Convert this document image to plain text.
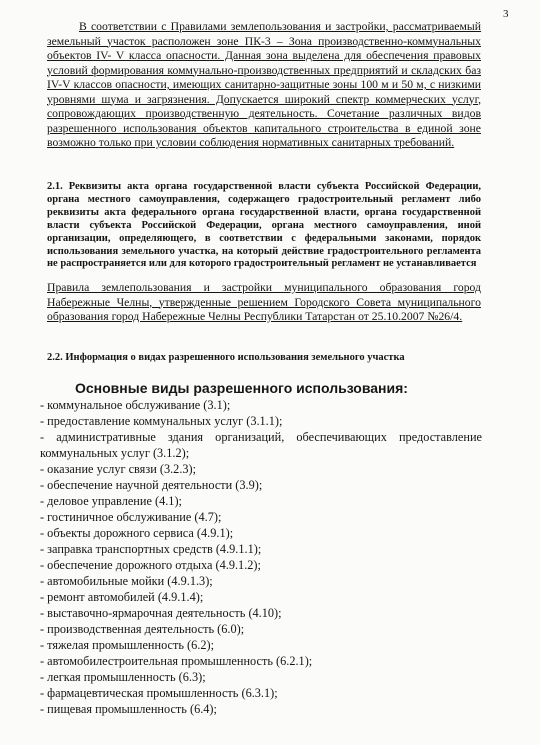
3
В соответствии с Правилами землепользования и застройки, рассматриваемый земельный участок расположен зоне ПК-3 – Зона производственно-коммунальных объектов IV- V класса опасности. Данная зона выделена для обеспечения правовых условий формирования коммунально-производственных предприятий и складских баз IV-V классов опасности, имеющих санитарно-защитные зоны 100 м и 50 м, с низкими уровнями шума и загрязнения. Допускается широкий спектр коммерческих услуг, сопровождающих производственную деятельность. Сочетание различных видов разрешенного использования объектов капитального строительства в единой зоне возможно только при условии соблюдения нормативных санитарных требований.
2.1. Реквизиты акта органа государственной власти субъекта Российской Федерации, органа местного самоуправления, содержащего градостроительный регламент либо реквизиты акта федерального органа государственной власти, органа государственной власти субъекта Российской Федерации, органа местного самоуправления, иной организации, определяющего, в соответствии с федеральными законами, порядок использования земельного участка, на который действие градостроительного регламента не распространяется или для которого градостроительный регламент не устанавливается
Правила землепользования и застройки муниципального образования город Набережные Челны, утвержденные решением Городского Совета муниципального образования город Набережные Челны Республики Татарстан от 25.10.2007 №26/4.
2.2. Информация о видах разрешенного использования земельного участка
Основные виды разрешенного использования:
- коммунальное обслуживание (3.1);
- предоставление коммунальных услуг (3.1.1);
- административные здания организаций, обеспечивающих предоставление коммунальных услуг (3.1.2);
- оказание услуг связи (3.2.3);
- обеспечение научной деятельности (3.9);
- деловое управление (4.1);
- гостиничное обслуживание (4.7);
- объекты дорожного сервиса (4.9.1);
- заправка транспортных средств (4.9.1.1);
- обеспечение дорожного отдыха (4.9.1.2);
- автомобильные мойки (4.9.1.3);
- ремонт автомобилей (4.9.1.4);
- выставочно-ярмарочная деятельность (4.10);
- производственная деятельность (6.0);
- тяжелая промышленность (6.2);
- автомобилестроительная промышленность (6.2.1);
- легкая промышленность (6.3);
- фармацевтическая промышленность (6.3.1);
- пищевая промышленность (6.4);
